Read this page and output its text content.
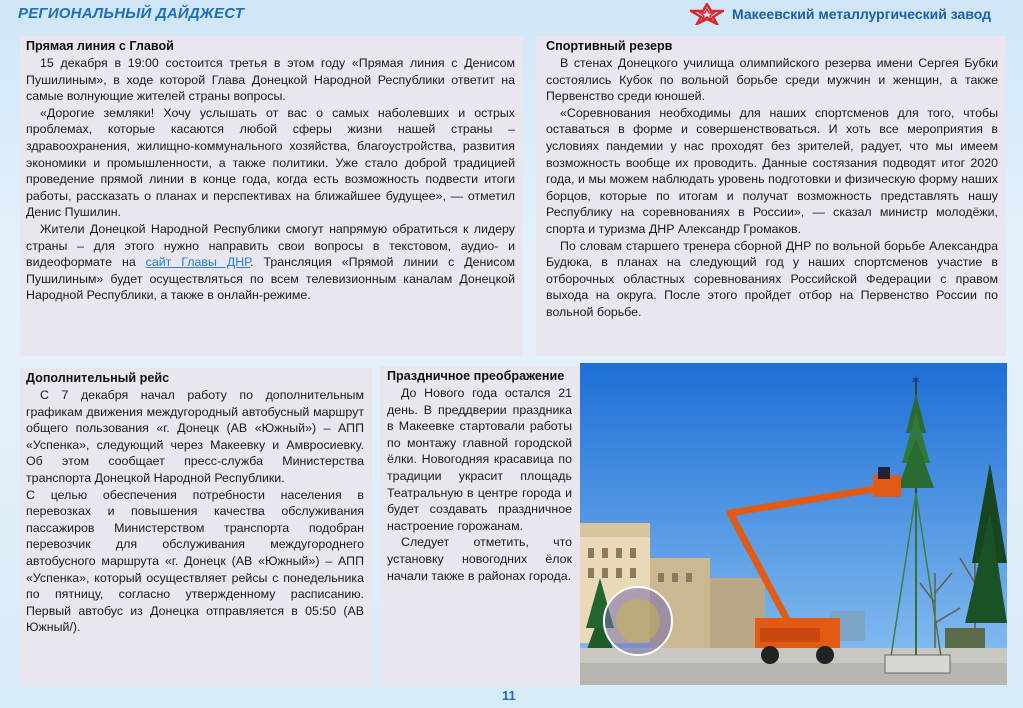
РЕГИОНАЛЬНЫЙ ДАЙДЖЕСТ	Макеевский металлургический завод
Прямая линия с Главой

15 декабря в 19:00 состоится третья в этом году «Прямая линия с Денисом Пушилиным», в ходе которой Глава Донецкой Народной Республики ответит на самые волнующие жителей страны вопросы.

«Дорогие земляки! Хочу услышать от вас о самых наболевших и острых проблемах, которые касаются любой сферы жизни нашей страны – здравоохранения, жилищно-коммунального хозяйства, благоустройства, развития экономики и промышленности, а также политики. Уже стало доброй традицией проведение прямой линии в конце года, когда есть возможность подвести итоги работы, рассказать о планах и перспективах на ближайшее будущее», — отметил Денис Пушилин.

Жители Донецкой Народной Республики смогут напрямую обратиться к лидеру страны – для этого нужно направить свои вопросы в текстовом, аудио- и видеоформате на сайт Главы ДНР. Трансляция «Прямой линии с Денисом Пушилиным» будет осуществляться по всем телевизионным каналам Донецкой Народной Республики, а также в онлайн-режиме.

Спортивный резерв

В стенах Донецкого училища олимпийского резерва имени Сергея Бубки состоялись Кубок по вольной борьбе среди мужчин и женщин, а также Первенство среди юношей.

«Соревнования необходимы для наших спортсменов для того, чтобы оставаться в форме и совершенствоваться. И хоть все мероприятия в условиях пандемии у нас проходят без зрителей, радует, что мы имеем возможность вообще их проводить. Данные состязания подводят итог 2020 года, и мы можем наблюдать уровень подготовки и физическую форму наших борцов, которые по итогам и получат возможность представлять нашу Республику на соревнованиях в России», — сказал министр молодёжи, спорта и туризма ДНР Александр Громаков.

По словам старшего тренера сборной ДНР по вольной борьбе Александра Будюка, в планах на следующий год у наших спортсменов участие в отборочных областных соревнованиях Российской Федерации с правом выхода на округа. После этого пройдет отбор на Первенство России по вольной борьбе.

Дополнительный рейс

С 7 декабря начал работу по дополнительным графикам движения междугородный автобусный маршрут общего пользования «г. Донецк (АВ «Южный») – АПП «Успенка», следующий через Макеевку и Амвросиевку. Об этом сообщает пресс-служба Министерства транспорта Донецкой Народной Республики.

С целью обеспечения потребности населения в перевозках и повышения качества обслуживания пассажиров Министерством транспорта подобран перевозчик для обслуживания междугороднего автобусного маршрута «г. Донецк (АВ «Южный») – АПП «Успенка», который осуществляет рейсы с понедельника по пятницу, согласно утвержденному расписанию. Первый автобус из Донецка отправляется в 05:50 (АВ Южный/).

Праздничное преображение

До Нового года остался 21 день. В преддверии праздника в Макеевке стартовали работы по монтажу главной городской ёлки. Новогодняя красавица по традиции украсит площадь Театральную в центре города и будет создавать праздничное настроение горожанам.

Следует отметить, что установку новогодних ёлок начали также в районах города.

✶
11
